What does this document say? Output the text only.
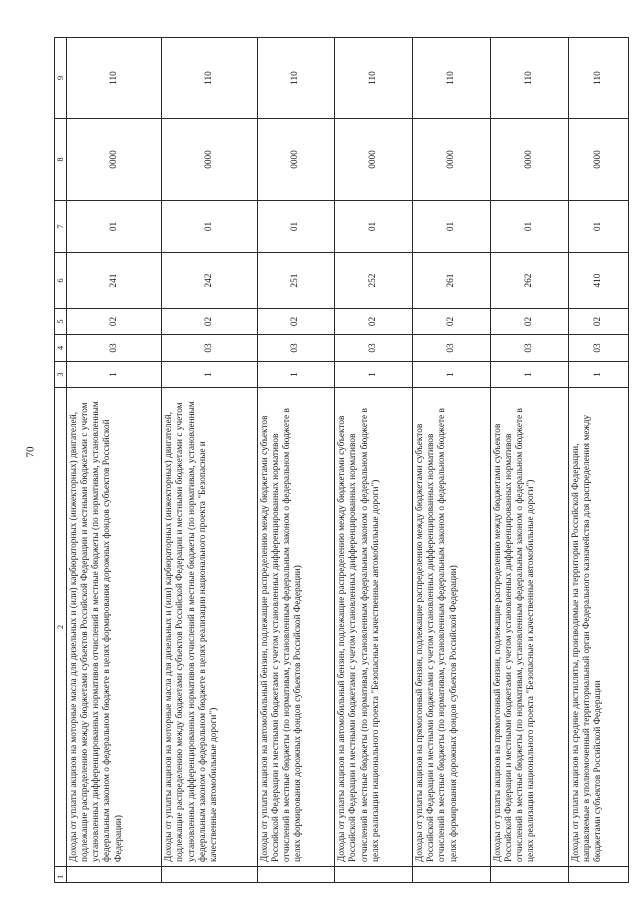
70
1	2	3	4	5	6	7	8	9
	Доходы от уплаты акцизов на моторные масла для дизельных и (или) карбюраторных (инжекторных) двигателей, подлежащие распределению между бюджетами субъектов Российской Федерации и местными бюджетами с учетом установленных дифференцированных нормативов отчислений в местные бюджеты (по нормативам, установленным федеральным законом о федеральном бюджете в целях формирования дорожных фондов субъектов Российской Федерации)	1	03	02	241	01	0000	110
	Доходы от уплаты акцизов на моторные масла для дизельных и (или) карбюраторных (инжекторных) двигателей, подлежащие распределению между бюджетами субъектов Российской Федерации и местными бюджетами с учетом установленных дифференцированных нормативов отчислений в местные бюджеты (по нормативам, установленным федеральным законом о федеральном бюджете в целях реализации национального проекта "Безопасные и качественные автомобильные дороги")	1	03	02	242	01	0000	110
	Доходы от уплаты акцизов на автомобильный бензин, подлежащие распределению между бюджетами субъектов Российской Федерации и местными бюджетами с учетом установленных дифференцированных нормативов отчислений в местные бюджеты (по нормативам, установленным федеральным законом о федеральном бюджете в целях формирования дорожных фондов субъектов Российской Федерации)	1	03	02	251	01	0000	110
	Доходы от уплаты акцизов на автомобильный бензин, подлежащие распределению между бюджетами субъектов Российской Федерации и местными бюджетами с учетом установленных дифференцированных нормативов отчислений в местные бюджеты (по нормативам, установленным федеральным законом о федеральном бюджете в целях реализации национального проекта "Безопасные и качественные автомобильные дороги")	1	03	02	252	01	0000	110
	Доходы от уплаты акцизов на прямогонный бензин, подлежащие распределению между бюджетами субъектов Российской Федерации и местными бюджетами с учетом установленных дифференцированных нормативов отчислений в местные бюджеты (по нормативам, установленным федеральным законом о федеральном бюджете в целях формирования дорожных фондов субъектов Российской Федерации)	1	03	02	261	01	0000	110
	Доходы от уплаты акцизов на прямогонный бензин, подлежащие распределению между бюджетами субъектов Российской Федерации и местными бюджетами с учетом установленных дифференцированных нормативов отчислений в местные бюджеты (по нормативам, установленным федеральным законом о федеральном бюджете в целях реализации национального проекта "Безопасные и качественные автомобильные дороги")	1	03	02	262	01	0000	110
	Доходы от уплаты акцизов на средние дистилляты, производимые на территории Российской Федерации, направляемые в уполномоченный территориальный орган Федерального казначейства для распределения между бюджетами субъектов Российской Федерации	1	03	02	410	01	0000	110
